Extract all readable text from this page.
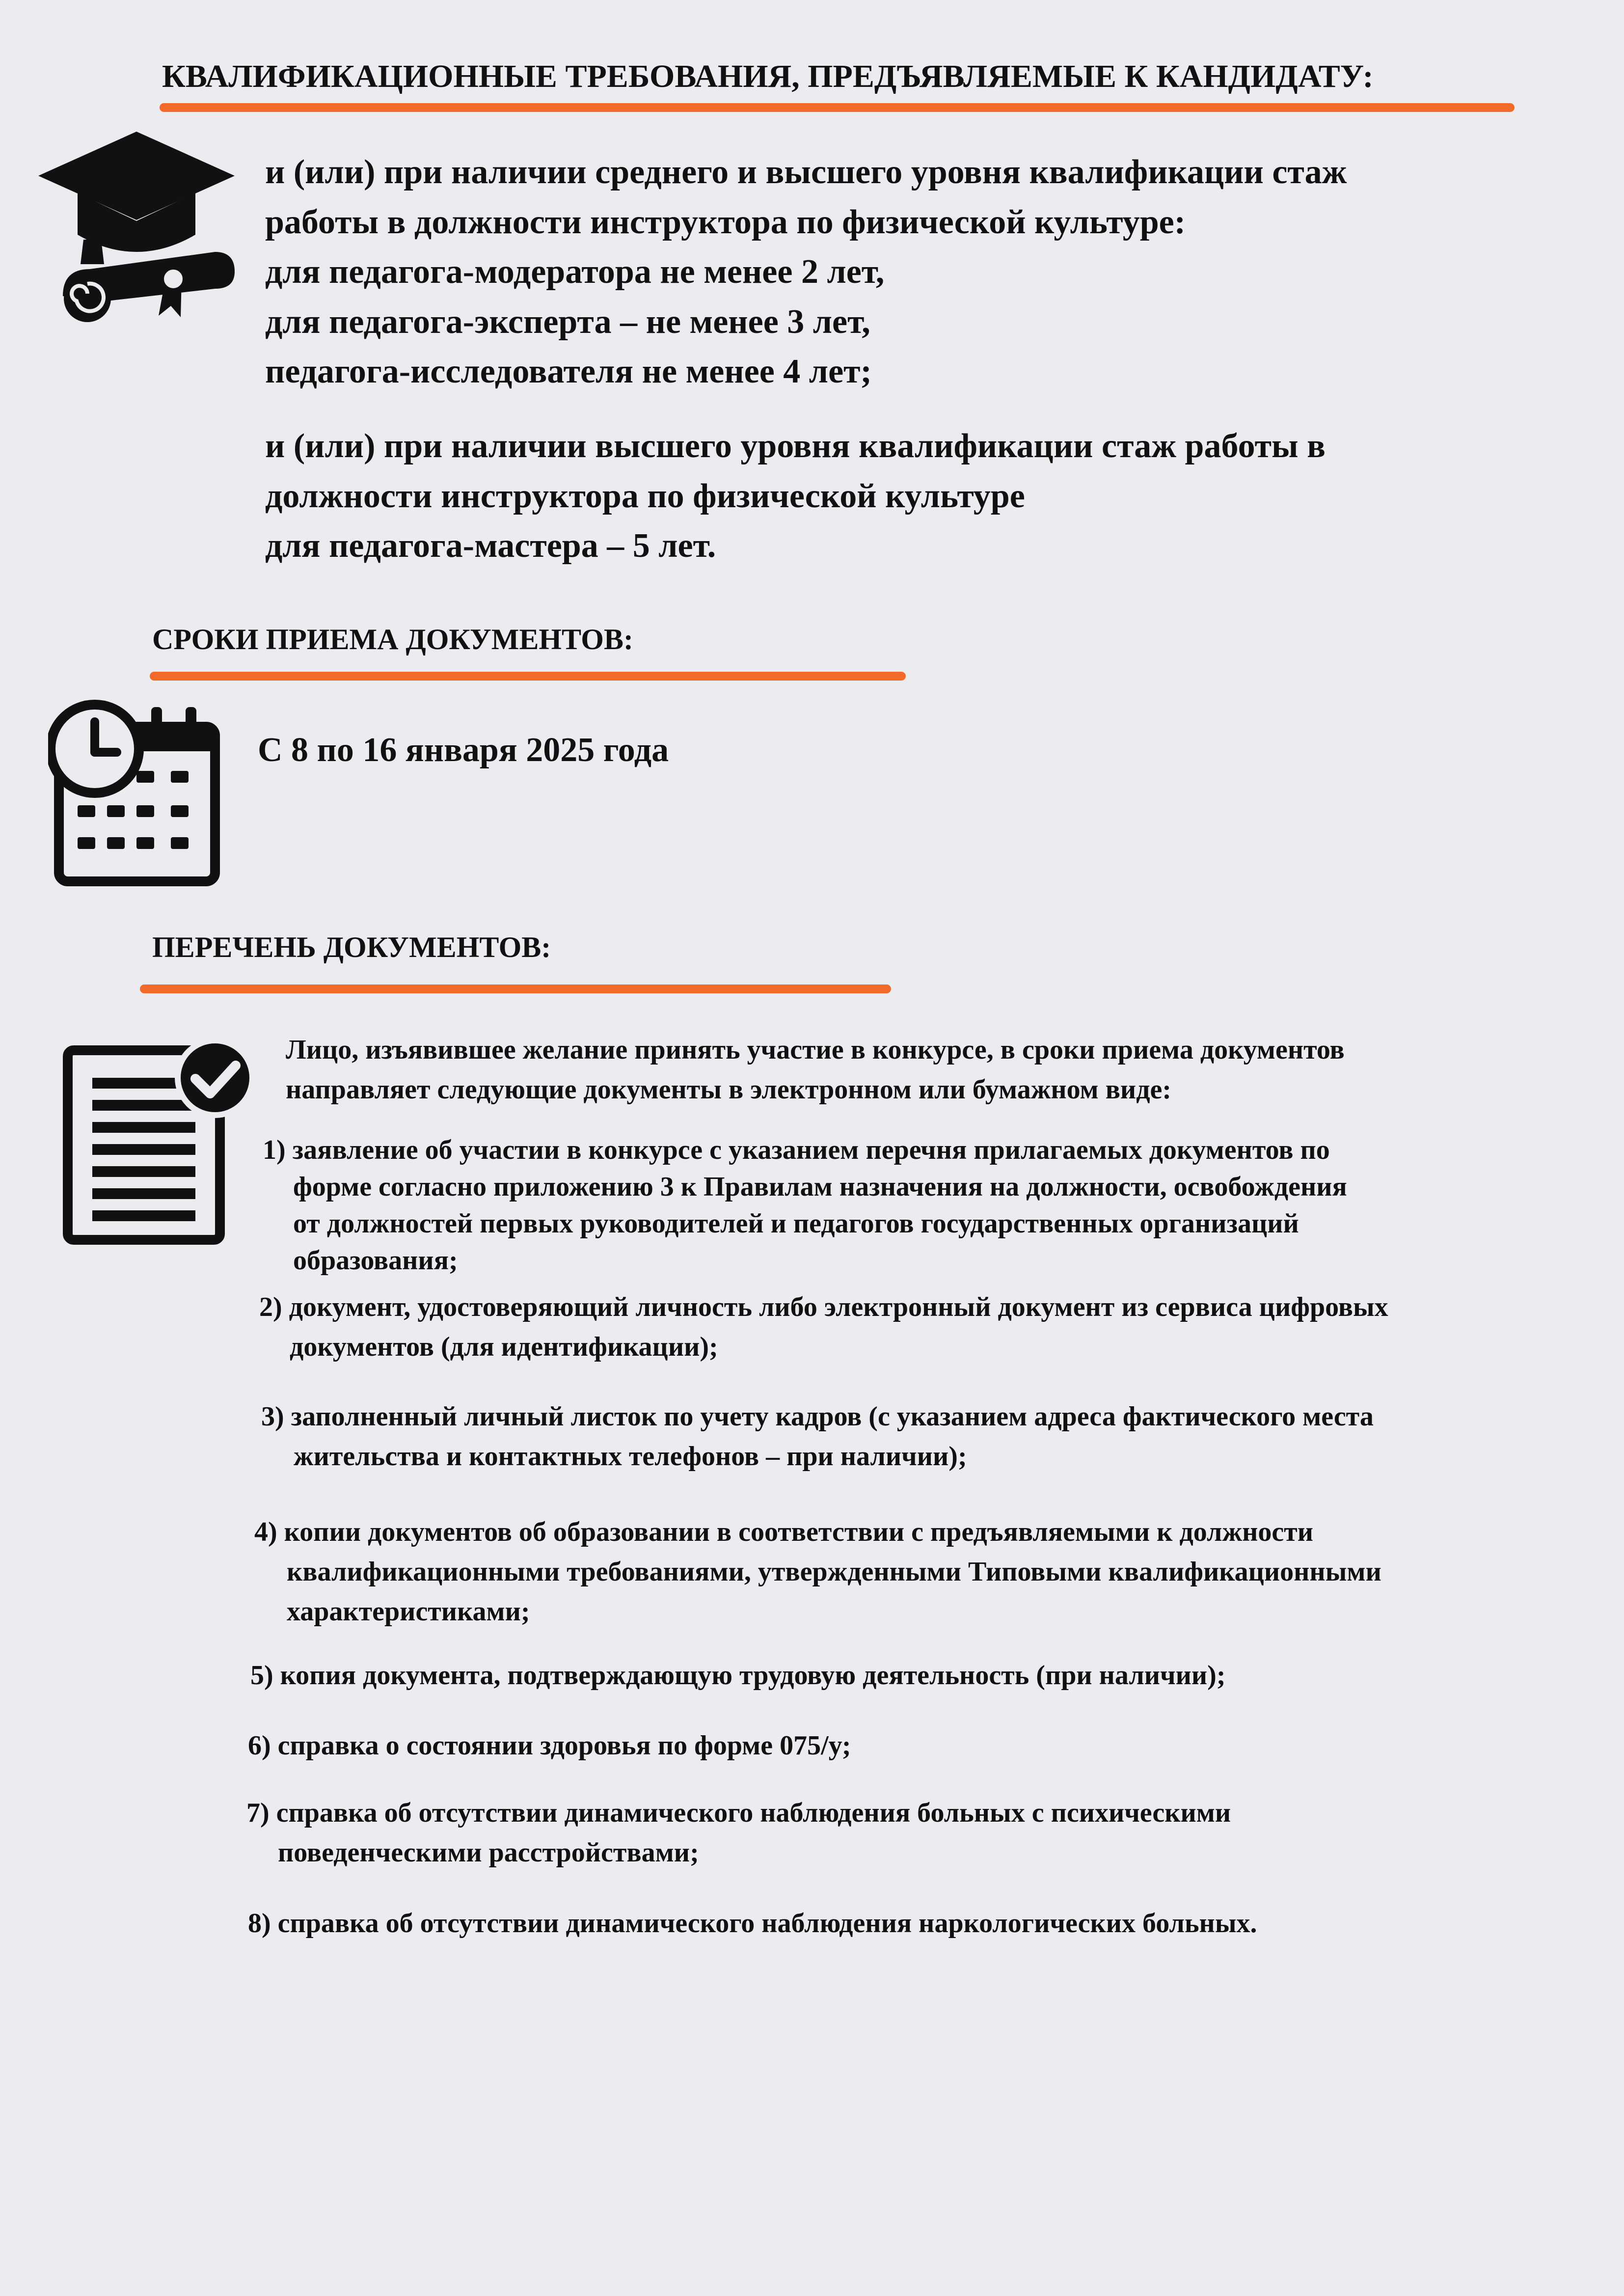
КВАЛИФИКАЦИОННЫЕ ТРЕБОВАНИЯ, ПРЕДЪЯВЛЯЕМЫЕ К КАНДИДАТУ:

и (или) при наличии среднего и высшего уровня квалификации стаж

работы в должности инструктора по физической культуре:

для педагога-модератора не менее 2 лет,

для педагога-эксперта – не менее 3 лет,

педагога-исследователя не менее 4 лет;

и (или) при наличии высшего уровня квалификации стаж работы в

должности инструктора по физической культуре

для педагога-мастера – 5 лет.

СРОКИ ПРИЕМА ДОКУМЕНТОВ:

С 8 по 16 января 2025 года

ПЕРЕЧЕНЬ ДОКУМЕНТОВ:

Лицо, изъявившее желание принять участие в конкурсе, в сроки приема документов

направляет следующие документы в электронном или бумажном виде:

1) заявление об участии в конкурсе с указанием перечня прилагаемых документов по

форме согласно приложению 3 к Правилам назначения на должности, освобождения

от должностей первых руководителей и педагогов государственных организаций

образования;

2) документ, удостоверяющий личность либо электронный документ из сервиса цифровых

документов (для идентификации);

3) заполненный личный листок по учету кадров (с указанием адреса фактического места

жительства и контактных телефонов – при наличии);

4) копии документов об образовании в соответствии с предъявляемыми к должности

квалификационными требованиями, утвержденными Типовыми квалификационными

характеристиками;

5) копия документа, подтверждающую трудовую деятельность (при наличии);

6) справка о состоянии здоровья по форме 075/у;

7) справка об отсутствии динамического наблюдения больных с психическими

поведенческими расстройствами;

8) справка об отсутствии динамического наблюдения наркологических больных.
